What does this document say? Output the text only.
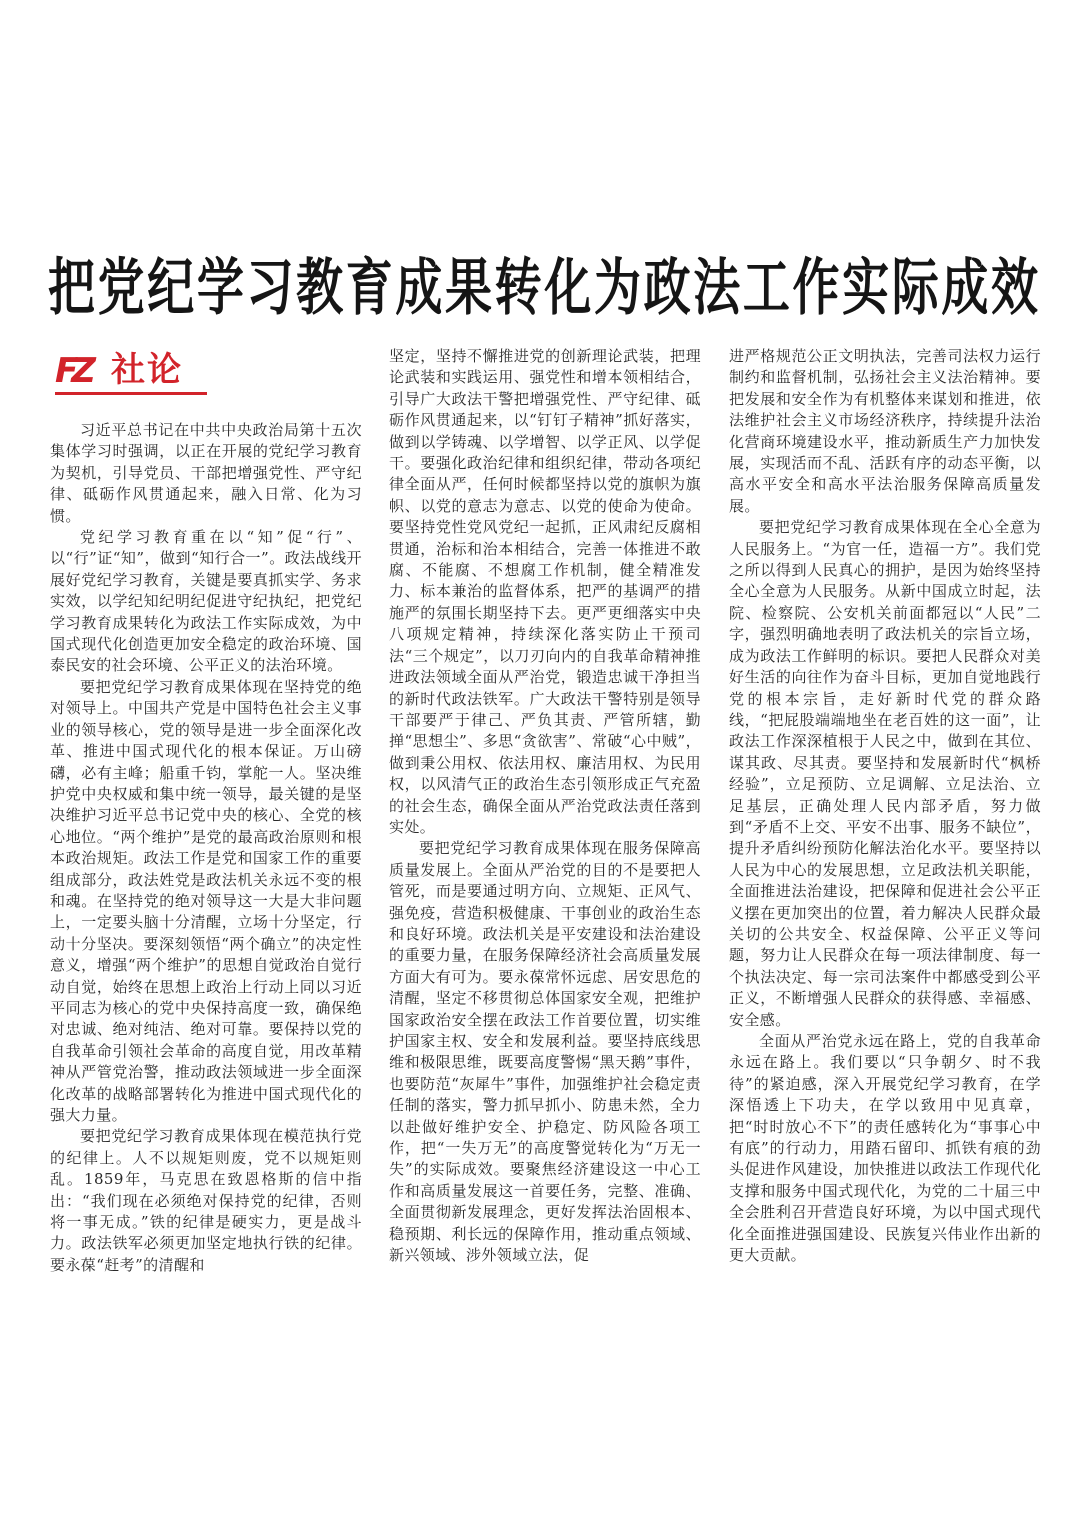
把党纪学习教育成果转化为政法工作实际成效
FZ 社论

习近平总书记在中共中央政治局第十五次集体学习时强调，以正在开展的党纪学习教育为契机，引导党员、干部把增强党性、严守纪律、砥砺作风贯通起来，融入日常、化为习惯。

党纪学习教育重在以“知”促“行”、以“行”证“知”，做到“知行合一”。政法战线开展好党纪学习教育，关键是要真抓实学、务求实效，以学纪知纪明纪促进守纪执纪，把党纪学习教育成果转化为政法工作实际成效，为中国式现代化创造更加安全稳定的政治环境、国泰民安的社会环境、公平正义的法治环境。

要把党纪学习教育成果体现在坚持党的绝对领导上。中国共产党是中国特色社会主义事业的领导核心，党的领导是进一步全面深化改革、推进中国式现代化的根本保证。万山磅礴，必有主峰；船重千钧，掌舵一人。坚决维护党中央权威和集中统一领导，最关键的是坚决维护习近平总书记党中央的核心、全党的核心地位。“两个维护”是党的最高政治原则和根本政治规矩。政法工作是党和国家工作的重要组成部分，政法姓党是政法机关永远不变的根和魂。在坚持党的绝对领导这一大是大非问题上，一定要头脑十分清醒，立场十分坚定，行动十分坚决。要深刻领悟“两个确立”的决定性意义，增强“两个维护”的思想自觉政治自觉行动自觉，始终在思想上政治上行动上同以习近平同志为核心的党中央保持高度一致，确保绝对忠诚、绝对纯洁、绝对可靠。要保持以党的自我革命引领社会革命的高度自觉，用改革精神从严管党治警，推动政法领域进一步全面深化改革的战略部署转化为推进中国式现代化的强大力量。

要把党纪学习教育成果体现在模范执行党的纪律上。人不以规矩则废，党不以规矩则乱。1859年，马克思在致恩格斯的信中指出：“我们现在必须绝对保持党的纪律，否则将一事无成。”铁的纪律是硬实力，更是战斗力。政法铁军必须更加坚定地执行铁的纪律。要永葆“赶考”的清醒和

坚定，坚持不懈推进党的创新理论武装，把理论武装和实践运用、强党性和增本领相结合，引导广大政法干警把增强党性、严守纪律、砥砺作风贯通起来，以“钉钉子精神”抓好落实，做到以学铸魂、以学增智、以学正风、以学促干。要强化政治纪律和组织纪律，带动各项纪律全面从严，任何时候都坚持以党的旗帜为旗帜、以党的意志为意志、以党的使命为使命。要坚持党性党风党纪一起抓，正风肃纪反腐相贯通，治标和治本相结合，完善一体推进不敢腐、不能腐、不想腐工作机制，健全精准发力、标本兼治的监督体系，把严的基调严的措施严的氛围长期坚持下去。更严更细落实中央八项规定精神，持续深化落实防止干预司法“三个规定”，以刀刃向内的自我革命精神推进政法领域全面从严治党，锻造忠诚干净担当的新时代政法铁军。广大政法干警特别是领导干部要严于律己、严负其责、严管所辖，勤掸“思想尘”、多思“贪欲害”、常破“心中贼”，做到秉公用权、依法用权、廉洁用权、为民用权，以风清气正的政治生态引领形成正气充盈的社会生态，确保全面从严治党政法责任落到实处。

要把党纪学习教育成果体现在服务保障高质量发展上。全面从严治党的目的不是要把人管死，而是要通过明方向、立规矩、正风气、强免疫，营造积极健康、干事创业的政治生态和良好环境。政法机关是平安建设和法治建设的重要力量，在服务保障经济社会高质量发展方面大有可为。要永葆常怀远虑、居安思危的清醒，坚定不移贯彻总体国家安全观，把维护国家政治安全摆在政法工作首要位置，切实维护国家主权、安全和发展利益。要坚持底线思维和极限思维，既要高度警惕“黑天鹅”事件，也要防范“灰犀牛”事件，加强维护社会稳定责任制的落实，警力抓早抓小、防患未然，全力以赴做好维护安全、护稳定、防风险各项工作，把“一失万无”的高度警觉转化为“万无一失”的实际成效。要聚焦经济建设这一中心工作和高质量发展这一首要任务，完整、准确、全面贯彻新发展理念，更好发挥法治固根本、稳预期、利长远的保障作用，推动重点领域、新兴领域、涉外领域立法，促

进严格规范公正文明执法，完善司法权力运行制约和监督机制，弘扬社会主义法治精神。要把发展和安全作为有机整体来谋划和推进，依法维护社会主义市场经济秩序，持续提升法治化营商环境建设水平，推动新质生产力加快发展，实现活而不乱、活跃有序的动态平衡，以高水平安全和高水平法治服务保障高质量发展。

要把党纪学习教育成果体现在全心全意为人民服务上。“为官一任，造福一方”。我们党之所以得到人民真心的拥护，是因为始终坚持全心全意为人民服务。从新中国成立时起，法院、检察院、公安机关前面都冠以“人民”二字，强烈明确地表明了政法机关的宗旨立场，成为政法工作鲜明的标识。要把人民群众对美好生活的向往作为奋斗目标，更加自觉地践行党的根本宗旨，走好新时代党的群众路线，“把屁股端端地坐在老百姓的这一面”，让政法工作深深植根于人民之中，做到在其位、谋其政、尽其责。要坚持和发展新时代“枫桥经验”，立足预防、立足调解、立足法治、立足基层，正确处理人民内部矛盾，努力做到“矛盾不上交、平安不出事、服务不缺位”，提升矛盾纠纷预防化解法治化水平。要坚持以人民为中心的发展思想，立足政法机关职能，全面推进法治建设，把保障和促进社会公平正义摆在更加突出的位置，着力解决人民群众最关切的公共安全、权益保障、公平正义等问题，努力让人民群众在每一项法律制度、每一个执法决定、每一宗司法案件中都感受到公平正义，不断增强人民群众的获得感、幸福感、安全感。

全面从严治党永远在路上，党的自我革命永远在路上。我们要以“只争朝夕、时不我待”的紧迫感，深入开展党纪学习教育，在学深悟透上下功夫，在学以致用中见真章，把“时时放心不下”的责任感转化为“事事心中有底”的行动力，用踏石留印、抓铁有痕的劲头促进作风建设，加快推进以政法工作现代化支撑和服务中国式现代化，为党的二十届三中全会胜利召开营造良好环境，为以中国式现代化全面推进强国建设、民族复兴伟业作出新的更大贡献。
